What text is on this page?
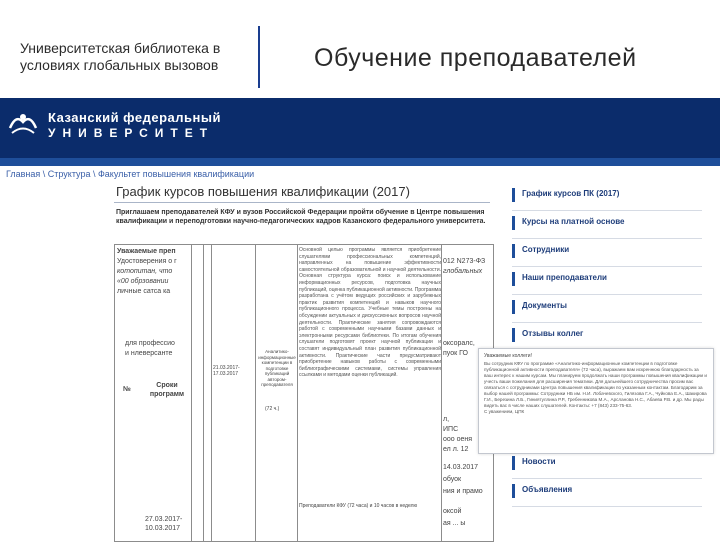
Университетская библиотека в условиях глобальных вызовов	Обучение преподавателей
Казанский федеральный
УНИВЕРСИТЕТ
Главная \ Структура \ Факультет повышения квалификации
График курсов повышения квалификации (2017)
Приглашаем преподавателей КФУ и вузов Российской Федерации пройти обучение в Центре повышения квалификации и переподготовки научно-педагогических кадров Казанского федерального университета.
Уважаемые преп
Удостоверения о г
котопитан, что
«00 обрзовании
личные сатса ка
для профессио
и нлеверсанте
№
Сроки программ
21.03.2017-17.03.2017
Аналитико-информационные компетенции в подготовке публикаций автором-преподавателя
(72 ч.)
27.03.2017- 10.03.2017
Основной целью программы является приобретение слушателями профессиональных компетенций, направленных на повышение эффективности самостоятельной образовательной и научной деятельности. Основная структура курса: поиск и использование информационных ресурсов, подготовка научных публикаций, оценка публикационной активности. Программа разработана с учётом ведущих российских и зарубежных практик развития компетенций и навыков научного публикационного процесса. Учебные темы построены на обсуждении актуальных и дискуссионных вопросов научной деятельности. Практические занятия сопровождаются работой с современными научными базами данных и электронными ресурсами библиотеки. По итогам обучения слушатели подготовят проект научной публикации и составят индивидуальный план развития публикационной активности. Практические части предусматривают приобретение навыков работы с современными библиографическими системами, системы управления ссылками и методами оценки публикаций.
Преподаватели КФУ (72 часа) и 10 часов в неделю
012 N273-ФЗ
глобальных
оксоралс,
пуок ГО
л,
ИПС
ооо оеня
ел л. 12
14.03.2017
обуок
ния и прамо
оксой
ая ... ы
График курсов ПК (2017)
Курсы на платной основе
Сотрудники
Наши преподаватели
Документы
Отзывы коллег
Новости
Объявления
Уважаемые коллеги!
Вы сотрудник КФУ по программе «Аналитико-информационные компетенции в подготовке публикационной активности преподавателя» (72 часа), выражаем вам искреннюю благодарность за ваш интерес к нашим курсам. Мы планируем продолжать наши программы повышения квалификации и учесть ваши пожелания для расширения тематики. Для дальнейшего сотрудничества просим вас связаться с сотрудниками Центра повышения квалификации по указанным контактам. Благодарим за выбор нашей программы: Сотрудники НБ им. Н.И. Лобачевского, Гилязова Г.А., Чуйкова Е.А., Шакирова Г.И., Березина Л.Б., Гиниятуллина Р.Р., Гребенникова М.А., Арсланова Н.С., Абаева Р.В. и др. Мы рады видеть вас в числе наших слушателей. Контакты: +7 (843) 233-75-63.
С уважением, ЦПК
